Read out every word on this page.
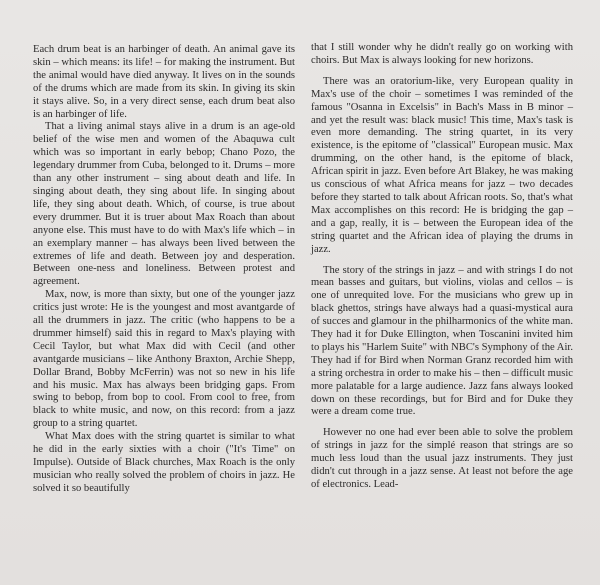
Each drum beat is an harbinger of death. An animal gave its skin – which means: its life! – for making the instrument. But the animal would have died anyway. It lives on in the sounds of the drums which are made from its skin. In giving its skin it stays alive. So, in a very direct sense, each drum beat also is an harbinger of life.

That a living animal stays alive in a drum is an age-old belief of the wise men and women of the Abaquwa cult which was so important in early bebop; Chano Pozo, the legendary drummer from Cuba, belonged to it. Drums – more than any other instrument – sing about death and life. In singing about death, they sing about life. In singing about life, they sing about death. Which, of course, is true about every drummer. But it is truer about Max Roach than about anyone else. This must have to do with Max's life which – in an exemplary manner – has always been lived between the extremes of life and death. Between joy and desperation. Between one-ness and loneliness. Between protest and agreement.

Max, now, is more than sixty, but one of the younger jazz critics just wrote: He is the youngest and most avantgarde of all the drummers in jazz. The critic (who happens to be a drummer himself) said this in regard to Max's playing with Cecil Taylor, but what Max did with Cecil (and other avantgarde musicians – like Anthony Braxton, Archie Shepp, Dollar Brand, Bobby McFerrin) was not so new in his life and his music. Max has always been bridging gaps. From swing to bebop, from bop to cool. From cool to free, from black to white music, and now, on this record: from a jazz group to a string quartet.

What Max does with the string quartet is similar to what he did in the early sixties with a choir ("It's Time" on Impulse). Outside of Black churches, Max Roach is the only musician who really solved the problem of choirs in jazz. He solved it so beautifully

that I still wonder why he didn't really go on working with choirs. But Max is always looking for new horizons.

There was an oratorium-like, very European quality in Max's use of the choir – sometimes I was reminded of the famous "Osanna in Excelsis" in Bach's Mass in B minor – and yet the result was: black music! This time, Max's task is even more demanding. The string quartet, in its very existence, is the epitome of "classical" European music. Max drumming, on the other hand, is the epitome of black, African spirit in jazz. Even before Art Blakey, he was making us conscious of what Africa means for jazz – two decades before they started to talk about African roots. So, that's what Max accomplishes on this record: He is bridging the gap – and a gap, really, it is – between the European idea of the string quartet and the African idea of playing the drums in jazz.

The story of the strings in jazz – and with strings I do not mean basses and guitars, but violins, violas and cellos – is one of unrequited love. For the musicians who grew up in black ghettos, strings have always had a quasi-mystical aura of succes and glamour in the philharmonics of the white man. They had it for Duke Ellington, when Toscanini invited him to plays his "Harlem Suite" with NBC's Symphony of the Air. They had if for Bird when Norman Granz recorded him with a string orchestra in order to make his – then – difficult music more palatable for a large audience. Jazz fans always looked down on these recordings, but for Bird and for Duke they were a dream come true.

However no one had ever been able to solve the problem of strings in jazz for the simplé reason that strings are so much less loud than the usual jazz instruments. They just didn't cut through in a jazz sense. At least not before the age of electronics. Lead-
